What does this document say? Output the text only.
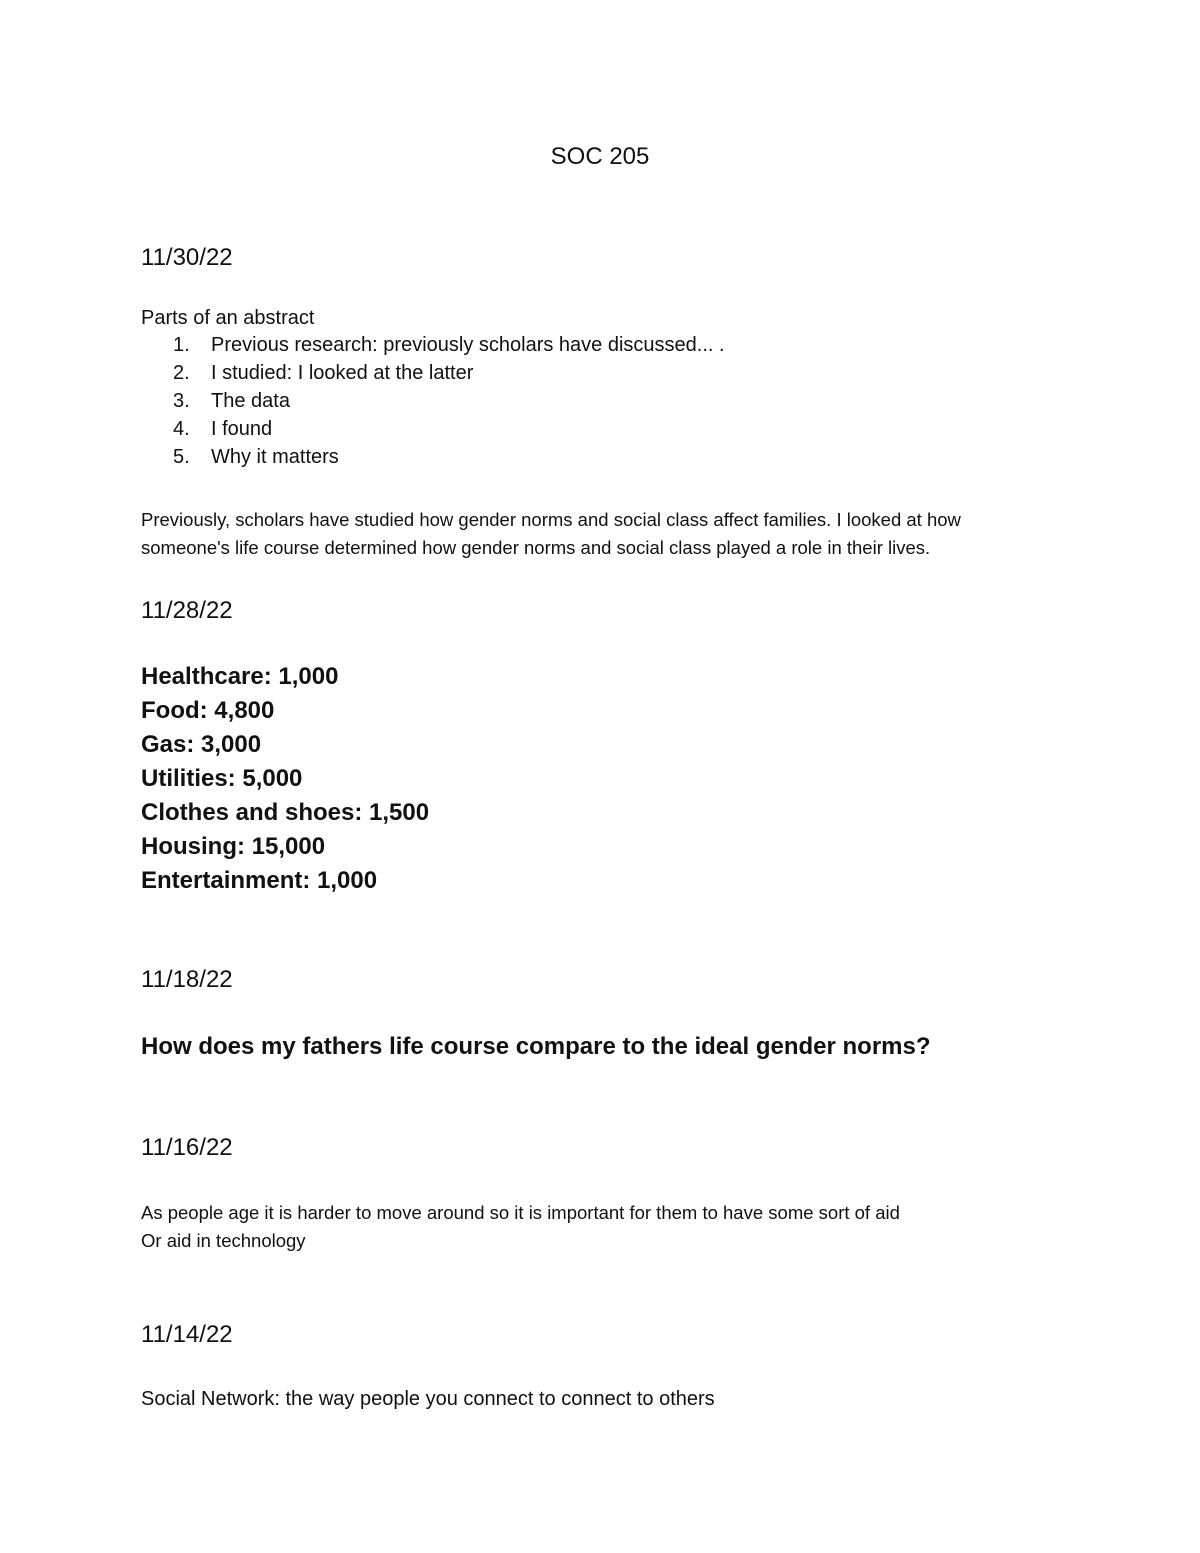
SOC 205
11/30/22
Parts of an abstract
1. Previous research: previously scholars have discussed... .
2. I studied: I looked at the latter
3. The data
4. I found
5. Why it matters
Previously, scholars have studied how gender norms and social class affect families. I looked at how
someone's life course determined how gender norms and social class played a role in their lives.
11/28/22
Healthcare: 1,000
Food: 4,800
Gas: 3,000
Utilities: 5,000
Clothes and shoes: 1,500
Housing: 15,000
Entertainment: 1,000
11/18/22
How does my fathers life course compare to the ideal gender norms?
11/16/22
As people age it is harder to move around so it is important for them to have some sort of aid
Or aid in technology
11/14/22
Social Network: the way people you connect to connect to others
